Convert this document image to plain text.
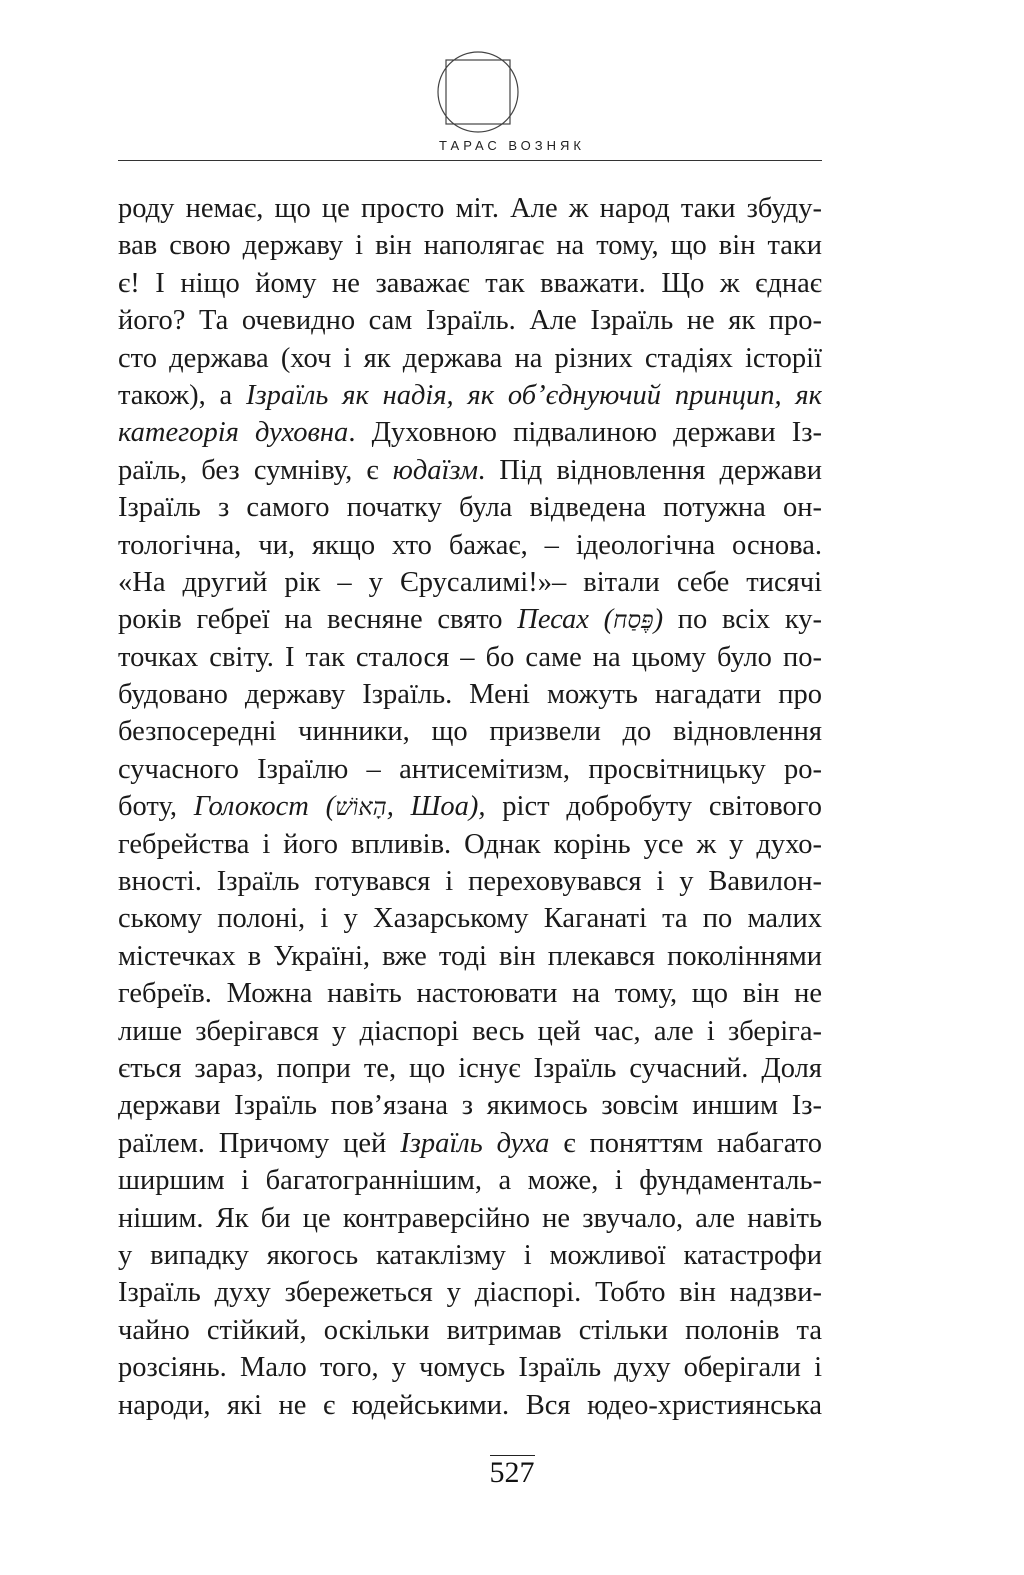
ТАРАС ВОЗНЯК
роду немає, що це просто міт. Але ж народ таки збуду-
вав свою державу і він наполягає на тому, що він таки
є! І ніщо йому не заважає так вважати. Що ж єднає
його? Та очевидно сам Ізраїль. Але Ізраїль не як про-
сто держава (хоч і як держава на різних стадіях історії
також), а Ізраїль як надія, як об’єднуючий принцип, як
категорія духовна. Духовною підвалиною держави Із-
раїль, без сумніву, є юдаїзм. Під відновлення держави
Ізраїль з самого початку була відведена потужна он-
тологічна, чи, якщо хто бажає, – ідеологічна основа.
«На другий рік – у Єрусалимі!»– вітали себе тисячі
років гебреї на весняне свято Песах (פֶּסַח) по всіх ку-
точках світу. І так сталося – бо саме на цьому було по-
будовано державу Ізраїль. Мені можуть нагадати про
безпосередні чинники, що призвели до відновлення
сучасного Ізраїлю – антисемітизм, просвітницьку ро-
боту, Голокост (הָאוֹשׁ, Шоа), ріст добробуту світового
гебрейства і його впливів. Однак корінь усе ж у духо-
вності. Ізраїль готувався і переховувався і у Вавилон-
ському полоні, і у Хазарському Каганаті та по малих
містечках в Україні, вже тоді він плекався поколіннями
гебреїв. Можна навіть настоювати на тому, що він не
лише зберігався у діаспорі весь цей час, але і зберіга-
ється зараз, попри те, що існує Ізраїль сучасний. Доля
держави Ізраїль пов’язана з якимось зовсім иншим Із-
раїлем. Причому цей Ізраїль духа є поняттям набагато
ширшим і багатограннішим, а може, і фундаменталь-
нішим. Як би це контраверсійно не звучало, але навіть
у випадку якогось катаклізму і можливої катастрофи
Ізраїль духу збережеться у діаспорі. Тобто він надзви-
чайно стійкий, оскільки витримав стільки полонів та
розсіянь. Мало того, у чомусь Ізраїль духу оберігали і
народи, які не є юдейськими. Вся юдео-християнська
527
